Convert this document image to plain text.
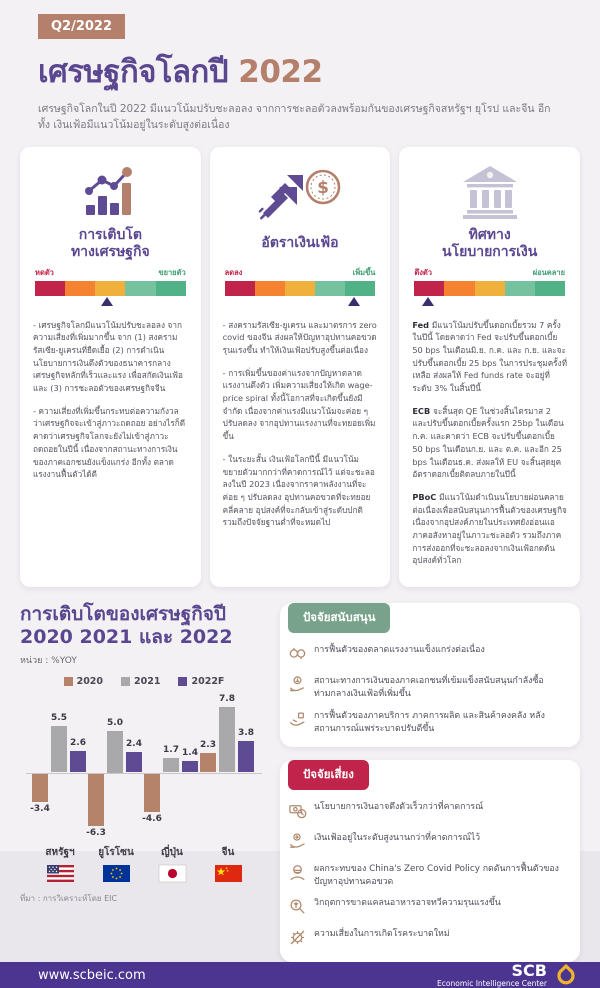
Q2/2022
เศรษฐกิจโลกปี 2022
เศรษฐกิจโลกในปี 2022 มีแนวโน้มปรับชะลอลง จากการชะลอตัวลงพร้อมกันของเศรษฐกิจสหรัฐฯ ยุโรป และจีน อีกทั้ง เงินเฟ้อมีแนวโน้มอยู่ในระดับสูงต่อเนื่อง
การเติบโต
ทางเศรษฐกิจ
หดตัว	ขยายตัว

- เศรษฐกิจโลกมีแนวโน้มปรับชะลอลง จากความเสี่ยงที่เพิ่มมากขึ้น จาก (1) สงครามรัสเซีย-ยูเครนที่ยืดเยื้อ (2) การดำเนินนโยบายการเงินตึงตัวของธนาคารกลางเศรษฐกิจหลักที่เร็วและแรง เพื่อสกัดเงินเฟ้อ และ (3) การชะลอตัวของเศรษฐกิจจีน

- ความเสี่ยงที่เพิ่มขึ้นกระทบต่อความกังวลว่าเศรษฐกิจจะเข้าสู่ภาวะถดถอย อย่างไรก็ดี คาดว่าเศรษฐกิจโลกจะยังไม่เข้าสู่ภาวะถดถอยในปีนี้ เนื่องจากสถานะทางการเงินของภาคเอกชนยังแข็งแกร่ง อีกทั้ง ตลาดแรงงานฟื้นตัวได้ดี

$
อัตราเงินเฟ้อ
ลดลง	เพิ่มขึ้น

- สงครามรัสเซีย-ยูเครน และมาตรการ zero covid ของจีน ส่งผลให้ปัญหาอุปทานคอขวดรุนแรงขึ้น ทำให้เงินเฟ้อปรับสูงขึ้นต่อเนื่อง

- การเพิ่มขึ้นของค่าแรงจากปัญหาตลาดแรงงานตึงตัว เพิ่มความเสี่ยงให้เกิด wage-price spiral ทั้งนี้โอกาสที่จะเกิดขึ้นยังมีจำกัด เนื่องจากค่าแรงมีแนวโน้มจะค่อย ๆ ปรับลดลง จากอุปทานแรงงานที่จะทยอยเพิ่มขึ้น

- ในระยะสั้น เงินเฟ้อโลกปีนี้ มีแนวโน้มขยายตัวมากกว่าที่คาดการณ์ไว้ แต่จะชะลอลงในปี 2023 เนื่องจากราคาพลังงานที่จะค่อย ๆ ปรับลดลง อุปทานคอขวดที่จะทยอยคลี่คลาย อุปสงค์ที่จะกลับเข้าสู่ระดับปกติ รวมถึงปัจจัยฐานต่ำที่จะหมดไป

ทิศทาง
นโยบายการเงิน
ตึงตัว	ผ่อนคลาย

Fed มีแนวโน้มปรับขึ้นดอกเบี้ยรวม 7 ครั้งในปีนี้ โดยคาดว่า Fed จะปรับขึ้นดอกเบี้ย 50 bps ในเดือนมิ.ย. ก.ค. และ ก.ย. และจะปรับขึ้นดอกเบี้ย 25 bps ในการประชุมครั้งที่เหลือ ส่งผลให้ Fed funds rate จะอยู่ที่ระดับ 3% ในสิ้นปีนี้

ECB จะสิ้นสุด QE ในช่วงสิ้นไตรมาส 2 และปรับขึ้นดอกเบี้ยครั้งแรก 25bp ในเดือนก.ค. และคาดว่า ECB จะปรับขึ้นดอกเบี้ย 50 bps ในเดือนก.ย. และ ต.ค. และอีก 25 bps ในเดือนธ.ค. ส่งผลให้ EU จะสิ้นสุดยุคอัตราดอกเบี้ยติดลบภายในปีนี้

PBoC มีแนวโน้มดำเนินนโยบายผ่อนคลายต่อเนื่องเพื่อสนับสนุนการฟื้นตัวของเศรษฐกิจ เนื่องจากอุปสงค์ภายในประเทศยังอ่อนแอ ภาคอสังหาอยู่ในภาวะชะลอตัว รวมถึงภาคการส่งออกที่จะชะลอลงจากเงินเฟ้อกดดันอุปสงค์ทั่วโลก

การเติบโตของเศรษฐกิจปี 2020 2021 และ 2022
หน่วย : %YOY
2020	2021	2022F
-3.4
5.5
2.6
-6.3
5.0
2.4
-4.6
1.7 1.4
2.3
7.8
3.8
สหรัฐฯ	ยูโรโซน	ญี่ปุ่น	จีน
ที่มา : การวิเคราะห์โดย EIC
ปัจจัยสนับสนุน
การฟื้นตัวของตลาดแรงงานแข็งแกร่งต่อเนื่อง
สถานะทางการเงินของภาคเอกชนที่เข้มแข็งสนับสนุนกำลังซื้อท่ามกลางเงินเฟ้อที่เพิ่มขึ้น
การฟื้นตัวของภาคบริการ ภาคการผลิต และสินค้าคงคลัง หลังสถานการณ์แพร่ระบาดปรับดีขึ้น
ปัจจัยเสี่ยง
นโยบายการเงินอาจตึงตัวเร็วกว่าที่คาดการณ์
เงินเฟ้ออยู่ในระดับสูงนานกว่าที่คาดการณ์ไว้
ผลกระทบของ China's Zero Covid Policy กดดันการฟื้นตัวของปัญหาอุปทานคอขวด
วิกฤตการขาดแคลนอาหารอาจทวีความรุนแรงขึ้น
ความเสี่ยงในการเกิดโรคระบาดใหม่
www.scbeic.com	SCB
Economic Intelligence Center
